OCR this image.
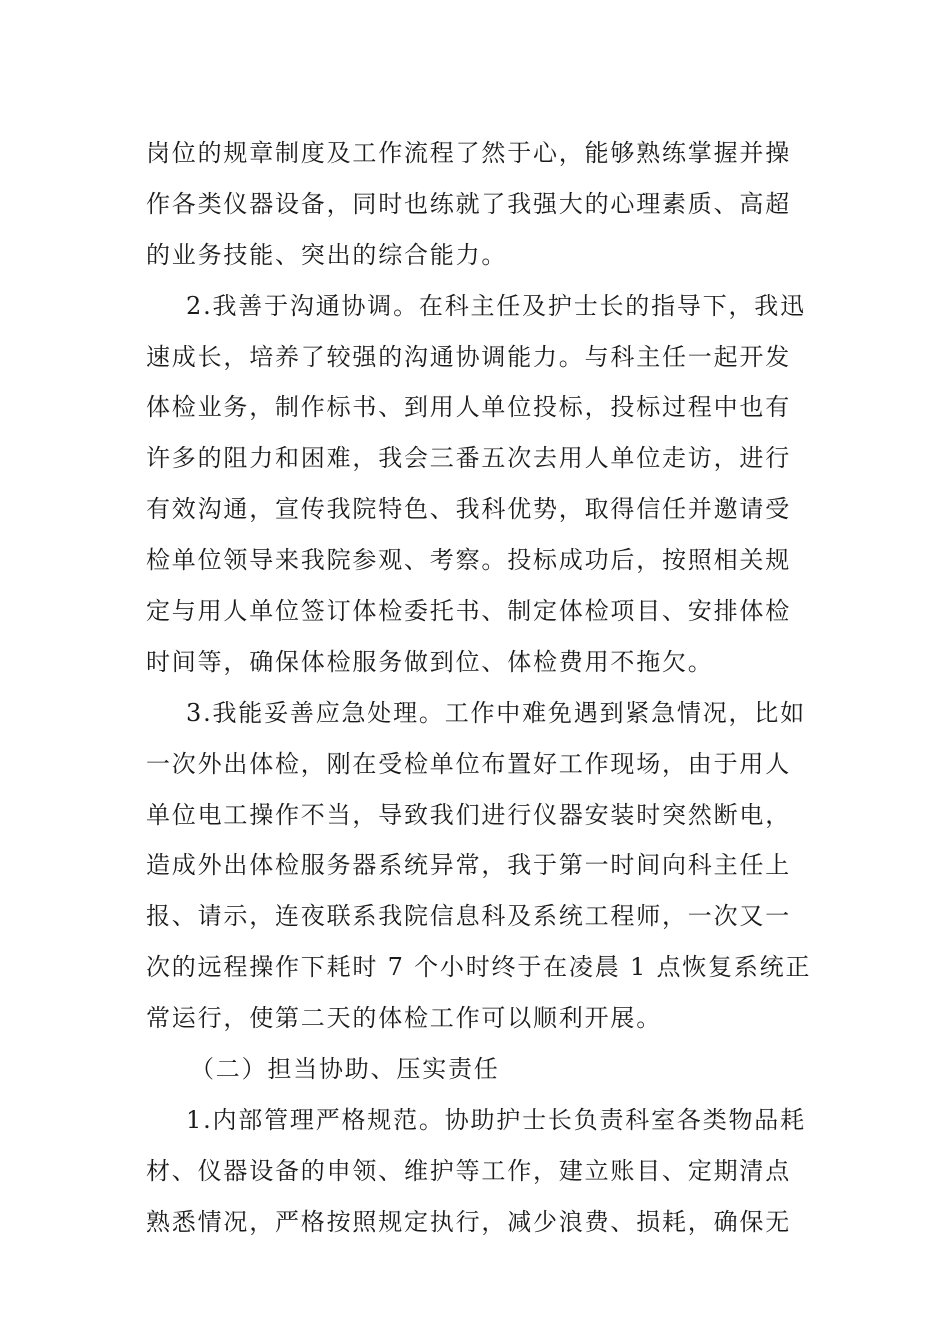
岗位的规章制度及工作流程了然于心，能够熟练掌握并操
作各类仪器设备，同时也练就了我强大的心理素质、高超
的业务技能、突出的综合能力。
2.我善于沟通协调。在科主任及护士长的指导下，我迅
速成长，培养了较强的沟通协调能力。与科主任一起开发
体检业务，制作标书、到用人单位投标，投标过程中也有
许多的阻力和困难，我会三番五次去用人单位走访，进行
有效沟通，宣传我院特色、我科优势，取得信任并邀请受
检单位领导来我院参观、考察。投标成功后，按照相关规
定与用人单位签订体检委托书、制定体检项目、安排体检
时间等，确保体检服务做到位、体检费用不拖欠。
3.我能妥善应急处理。工作中难免遇到紧急情况，比如
一次外出体检，刚在受检单位布置好工作现场，由于用人
单位电工操作不当，导致我们进行仪器安装时突然断电，
造成外出体检服务器系统异常，我于第一时间向科主任上
报、请示，连夜联系我院信息科及系统工程师，一次又一
次的远程操作下耗时 7 个小时终于在凌晨 1 点恢复系统正
常运行，使第二天的体检工作可以顺利开展。
（二）担当协助、压实责任
1.内部管理严格规范。协助护士长负责科室各类物品耗
材、仪器设备的申领、维护等工作，建立账目、定期清点
熟悉情况，严格按照规定执行，减少浪费、损耗，确保无
